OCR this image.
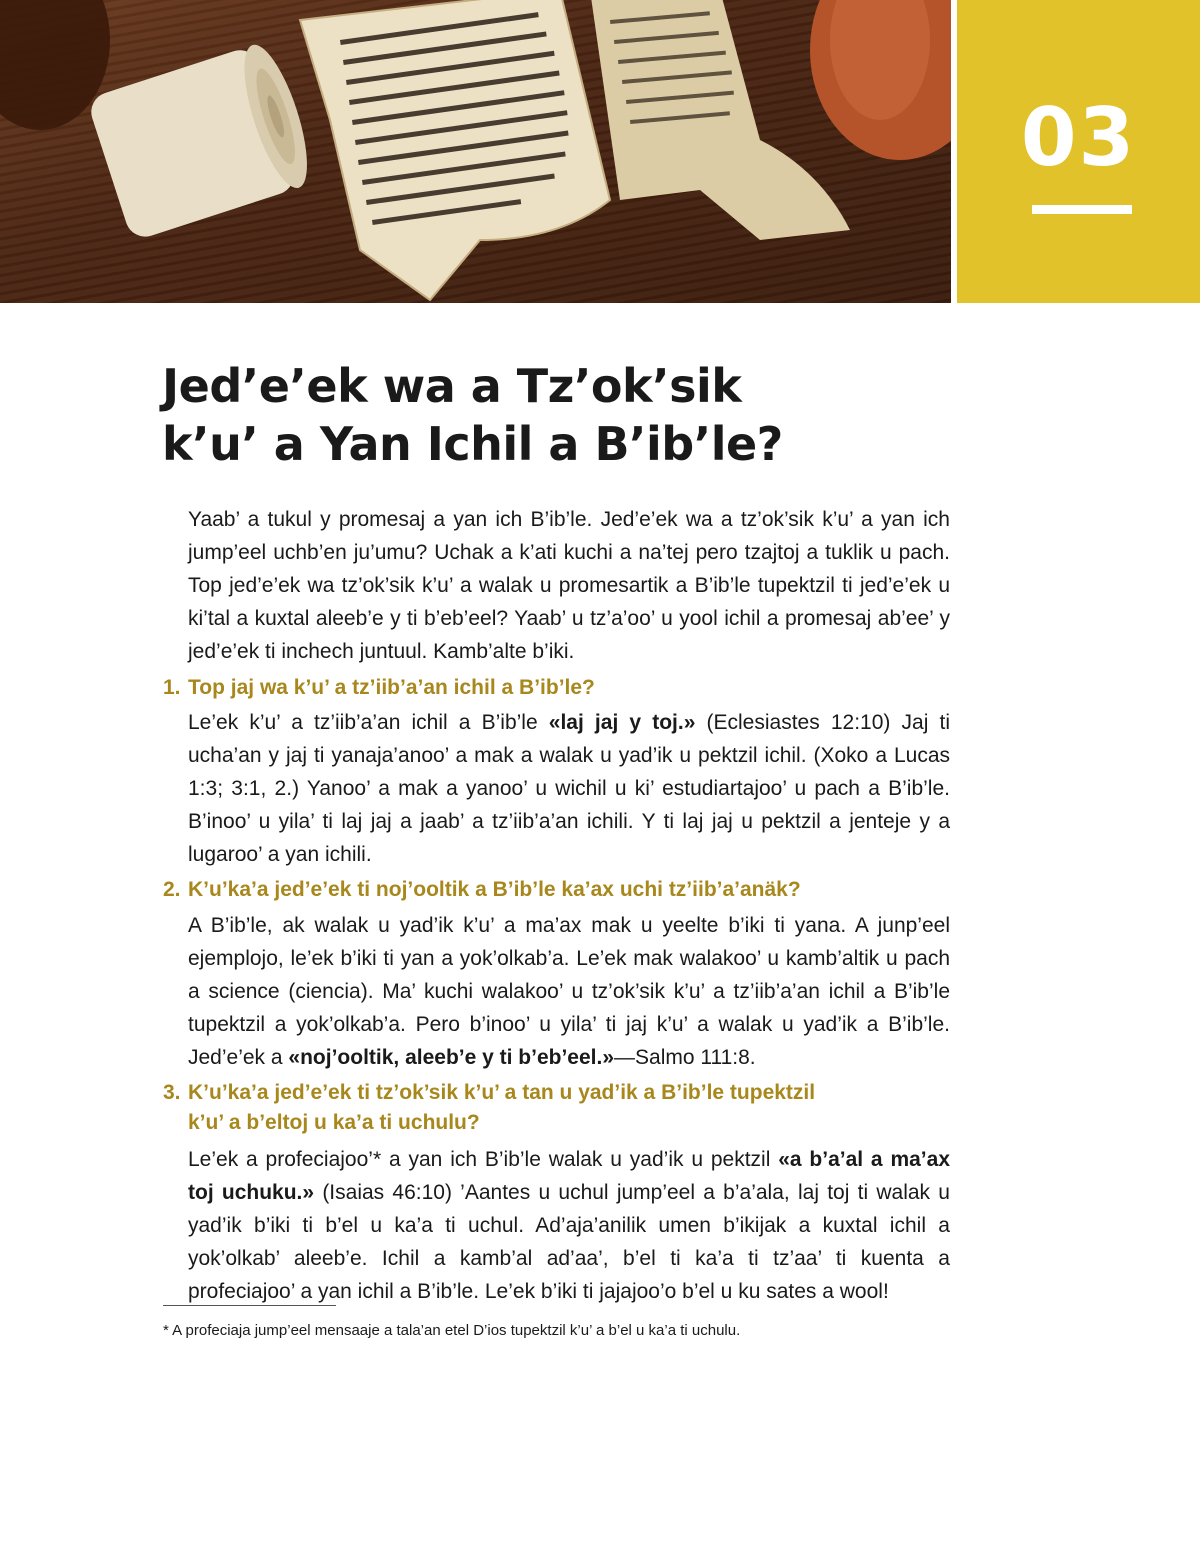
03
Jed’e’ek wa a Tz’ok’sik
k’u’ a Yan Ichil a B’ib’le?

Yaab’ a tukul y promesaj a yan ich B’ib’le. Jed’e’ek wa a tz’ok’sik k’u’ a yan ich jump’eel uchb’en ju’umu? Uchak a k’ati kuchi a na’tej pero tzajtoj a tuklik u pach. Top jed’e’ek wa tz’ok’sik k’u’ a walak u promesartik a B’ib’le tupektzil ti jed’e’ek u ki’tal a kuxtal aleeb’e y ti b’eb’eel? Yaab’ u tz’a’oo’ u yool ichil a promesaj ab’ee’ y jed’e’ek ti inchech juntuul. Kamb’alte b’iki.

1. Top jaj wa k’u’ a tz’iib’a’an ichil a B’ib’le?

Le’ek k’u’ a tz’iib’a’an ichil a B’ib’le «laj jaj y toj.» (Eclesiastes 12:10) Jaj ti ucha’an y jaj ti yanaja’anoo’ a mak a walak u yad’ik u pektzil ichil. (Xoko a Lucas 1:3; 3:1, 2.) Yanoo’ a mak a yanoo’ u wichil u ki’ estudiartajoo’ u pach a B’ib’le. B’inoo’ u yila’ ti laj jaj a jaab’ a tz’iib’a’an ichili. Y ti laj jaj u pektzil a jenteje y a lugaroo’ a yan ichili.

2. K’u’ka’a jed’e’ek ti noj’ooltik a B’ib’le ka’ax uchi tz’iib’a’anäk?

A B’ib’le, ak walak u yad’ik k’u’ a ma’ax mak u yeelte b’iki ti yana. A junp’eel ejemplojo, le’ek b’iki ti yan a yok’olkab’a. Le’ek mak walakoo’ u kamb’altik u pach a science (ciencia). Ma’ kuchi walakoo’ u tz’ok’sik k’u’ a tz’iib’a’an ichil a B’ib’le tupektzil a yok’olkab’a. Pero b’inoo’ u yila’ ti jaj k’u’ a walak u yad’ik a B’ib’le. Jed’e’ek a «noj’ooltik, aleeb’e y ti b’eb’eel.»—Salmo 111:8.

3. K’u’ka’a jed’e’ek ti tz’ok’sik k’u’ a tan u yad’ik a B’ib’le tupektzil
k’u’ a b’eltoj u ka’a ti uchulu?

Le’ek a profeciajoo’* a yan ich B’ib’le walak u yad’ik u pektzil «a b’a’al a ma’ax toj uchuku.» (Isaias 46:10) ’Aantes u uchul jump’eel a b’a’ala, laj toj ti walak u yad’ik b’iki ti b’el u ka’a ti uchul. Ad’aja’anilik umen b’ikijak a kuxtal ichil a yok’olkab’ aleeb’e. Ichil a kamb’al ad’aa’, b’el ti ka’a ti tz’aa’ ti kuenta a profeciajoo’ a yan ichil a B’ib’le. Le’ek b’iki ti jajajoo’o b’el u ku sates a wool!

* A profeciaja jump’eel mensaaje a tala’an etel D’ios tupektzil k’u’ a b’el u ka’a ti uchulu.
